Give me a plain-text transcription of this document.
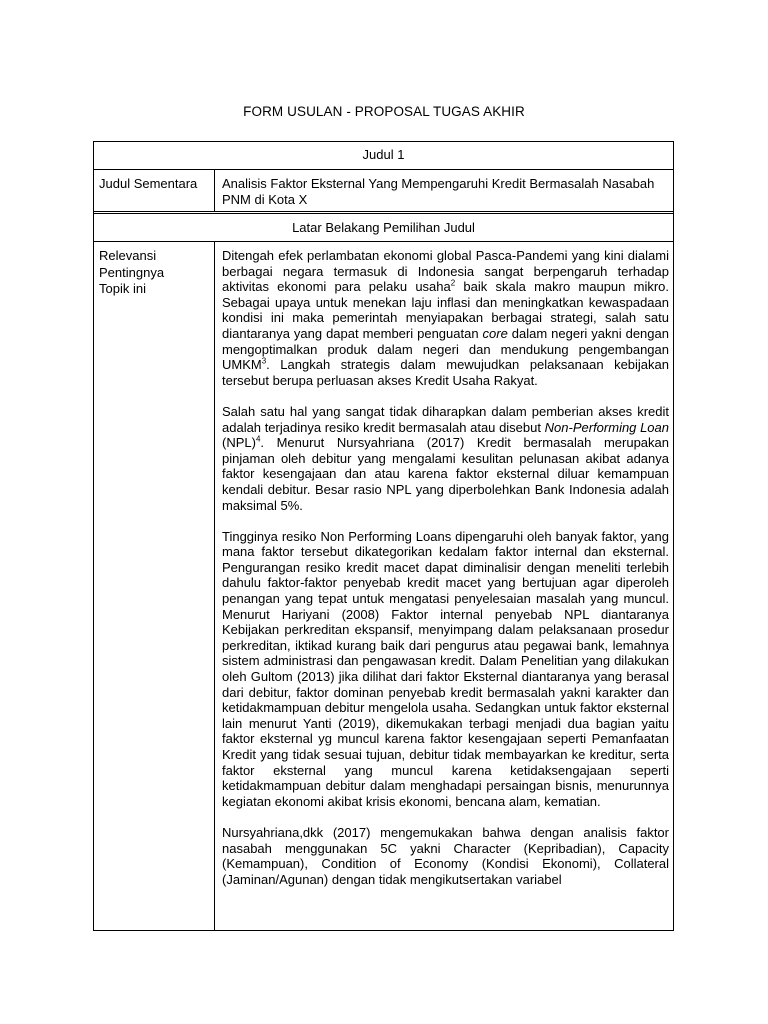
FORM USULAN - PROPOSAL TUGAS AKHIR
Judul 1
Judul Sementara	Analisis Faktor Eksternal Yang Mempengaruhi Kredit Bermasalah Nasabah PNM di Kota X
Latar Belakang Pemilihan Judul
Relevansi
Pentingnya
Topik ini

Ditengah efek perlambatan ekonomi global Pasca-Pandemi yang kini dialami berbagai negara termasuk di Indonesia sangat berpengaruh terhadap aktivitas ekonomi para pelaku usaha$^2$ baik skala makro maupun mikro. Sebagai upaya untuk menekan laju inflasi dan meningkatkan kewaspadaan kondisi ini maka pemerintah menyiapakan berbagai strategi, salah satu diantaranya yang dapat memberi penguatan core dalam negeri yakni dengan mengoptimalkan produk dalam negeri dan mendukung pengembangan UMKM$^3$. Langkah strategis dalam mewujudkan pelaksanaan kebijakan tersebut berupa perluasan akses Kredit Usaha Rakyat.

Salah satu hal yang sangat tidak diharapkan dalam pemberian akses kredit adalah terjadinya resiko kredit bermasalah atau disebut Non-Performing Loan (NPL)$^4$. Menurut Nursyahriana (2017) Kredit bermasalah merupakan pinjaman oleh debitur yang mengalami kesulitan pelunasan akibat adanya faktor kesengajaan dan atau karena faktor eksternal diluar kemampuan kendali debitur. Besar rasio NPL yang diperbolehkan Bank Indonesia adalah maksimal 5%.

Tingginya resiko Non Performing Loans dipengaruhi oleh banyak faktor, yang mana faktor tersebut dikategorikan kedalam faktor internal dan eksternal. Pengurangan resiko kredit macet dapat diminalisir dengan meneliti terlebih dahulu faktor-faktor penyebab kredit macet yang bertujuan agar diperoleh penangan yang tepat untuk mengatasi penyelesaian masalah yang muncul. Menurut Hariyani (2008) Faktor internal penyebab NPL diantaranya Kebijakan perkreditan ekspansif, menyimpang dalam pelaksanaan prosedur perkreditan, iktikad kurang baik dari pengurus atau pegawai bank, lemahnya sistem administrasi dan pengawasan kredit. Dalam Penelitian yang dilakukan oleh Gultom (2013) jika dilihat dari faktor Eksternal diantaranya yang berasal dari debitur, faktor dominan penyebab kredit bermasalah yakni karakter dan ketidakmampuan debitur mengelola usaha. Sedangkan untuk faktor eksternal lain menurut Yanti (2019), dikemukakan terbagi menjadi dua bagian yaitu faktor eksternal yg muncul karena faktor kesengajaan seperti Pemanfaatan Kredit yang tidak sesuai tujuan, debitur tidak membayarkan ke kreditur, serta faktor eksternal yang muncul karena ketidaksengajaan seperti ketidakmampuan debitur dalam menghadapi persaingan bisnis, menurunnya kegiatan ekonomi akibat krisis ekonomi, bencana alam, kematian.

Nursyahriana,dkk (2017) mengemukakan bahwa dengan analisis faktor nasabah menggunakan 5C yakni Character (Kepribadian), Capacity (Kemampuan), Condition of Economy (Kondisi Ekonomi), Collateral (Jaminan/Agunan) dengan tidak mengikutsertakan variabel
